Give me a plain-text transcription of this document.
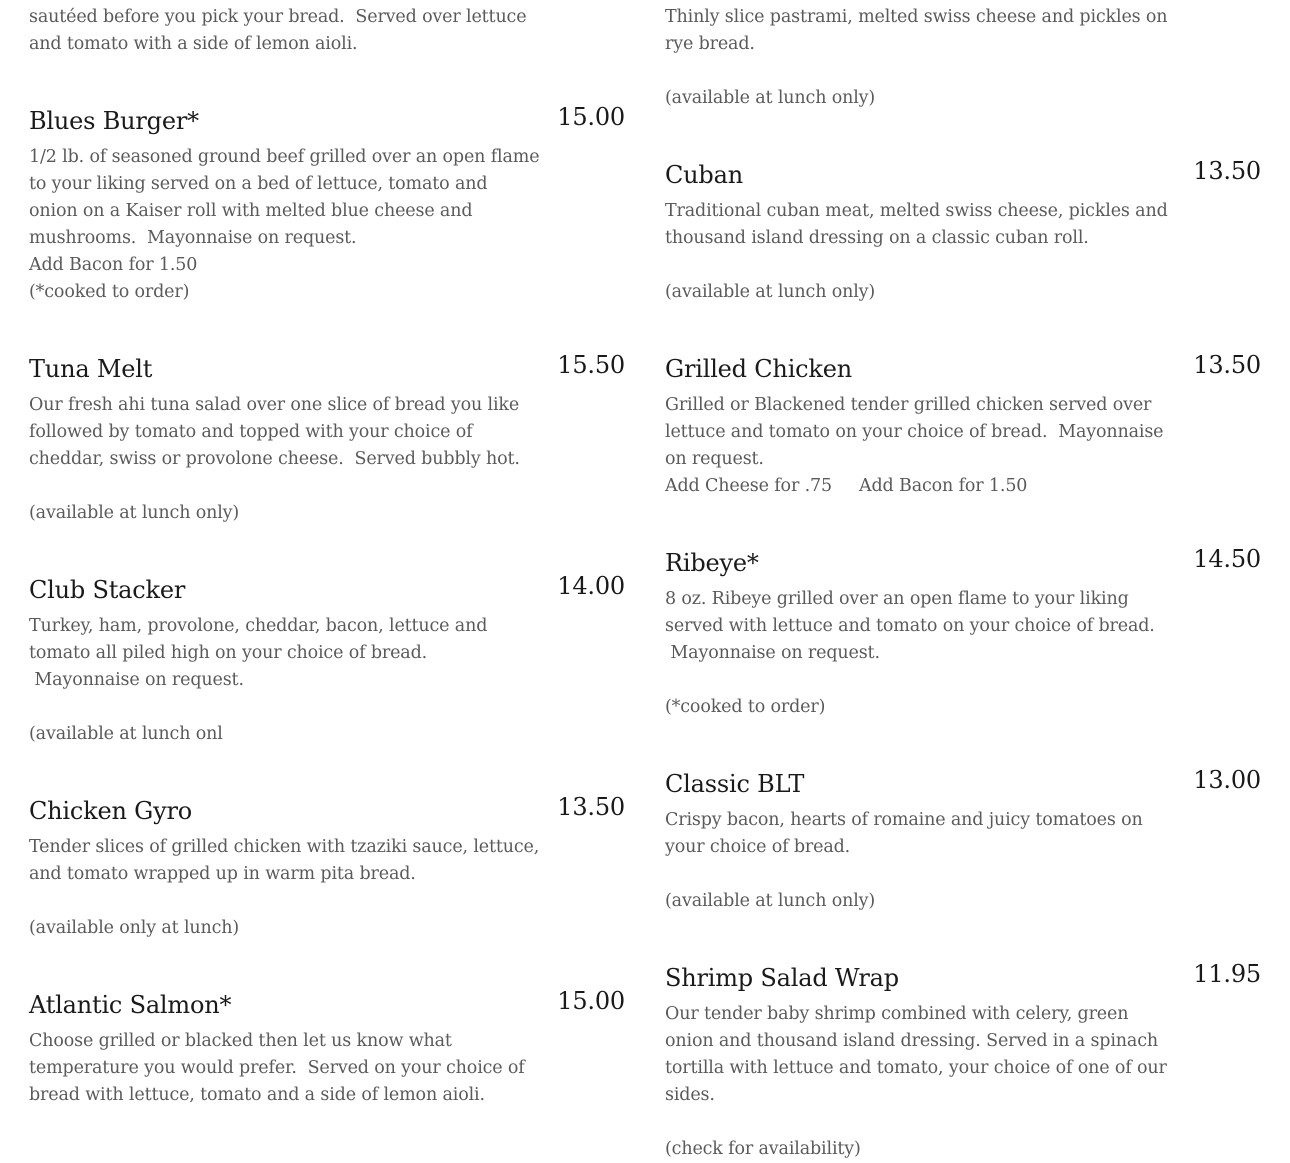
sautéed before you pick your bread.  Served over lettuce
and tomato with a side of lemon aioli.
Blues Burger*	15.00
1/2 lb. of seasoned ground beef grilled over an open flame
to your liking served on a bed of lettuce, tomato and
onion on a Kaiser roll with melted blue cheese and
mushrooms.  Mayonnaise on request.
Add Bacon for 1.50
(*cooked to order)
Tuna Melt	15.50
Our fresh ahi tuna salad over one slice of bread you like
followed by tomato and topped with your choice of
cheddar, swiss or provolone cheese.  Served bubbly hot.
(available at lunch only)
Club Stacker	14.00
Turkey, ham, provolone, cheddar, bacon, lettuce and
tomato all piled high on your choice of bread.
Mayonnaise on request.
(available at lunch onl
Chicken Gyro	13.50
Tender slices of grilled chicken with tzaziki sauce, lettuce,
and tomato wrapped up in warm pita bread.
(available only at lunch)
Atlantic Salmon*	15.00
Choose grilled or blacked then let us know what
temperature you would prefer.  Served on your choice of
bread with lettuce, tomato and a side of lemon aioli.
Thinly slice pastrami, melted swiss cheese and pickles on
rye bread.
(available at lunch only)
Cuban	13.50
Traditional cuban meat, melted swiss cheese, pickles and
thousand island dressing on a classic cuban roll.
(available at lunch only)
Grilled Chicken	13.50
Grilled or Blackened tender grilled chicken served over
lettuce and tomato on your choice of bread.  Mayonnaise
on request.
Add Cheese for .75     Add Bacon for 1.50
Ribeye*	14.50
8 oz. Ribeye grilled over an open flame to your liking
served with lettuce and tomato on your choice of bread.
Mayonnaise on request.
(*cooked to order)
Classic BLT	13.00
Crispy bacon, hearts of romaine and juicy tomatoes on
your choice of bread.
(available at lunch only)
Shrimp Salad Wrap	11.95
Our tender baby shrimp combined with celery, green
onion and thousand island dressing. Served in a spinach
tortilla with lettuce and tomato, your choice of one of our
sides.
(check for availability)
